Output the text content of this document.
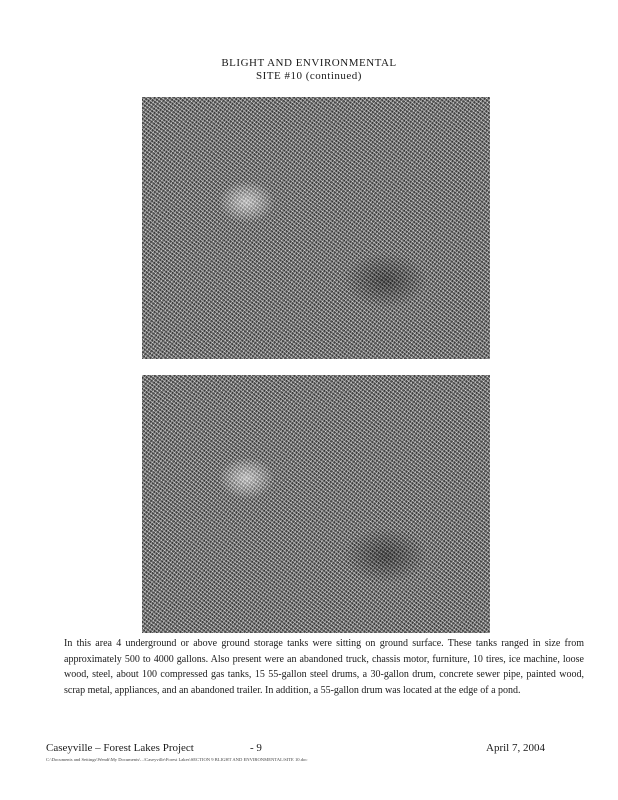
BLIGHT AND ENVIRONMENTAL
SITE #10 (continued)
In this area 4 underground or above ground storage tanks were sitting on ground surface. These tanks ranged in size from approximately 500 to 4000 gallons. Also present were an abandoned truck, chassis motor, furniture, 10 tires, ice machine, loose wood, steel, about 100 compressed gas tanks, 15 55-gallon steel drums, a 30-gallon drum, concrete sewer pipe, painted wood, scrap metal, appliances, and an abandoned trailer. In addition, a 55-gallon drum was located at the edge of a pond.
Caseyville – Forest Lakes Project	- 9	April 7, 2004
C:\Documents and Settings\Wendi\My Documents\...\Caseyville\Forest Lakes\SECTION 9 BLIGHT AND ENVIRONMENTAL\SITE 10.doc
